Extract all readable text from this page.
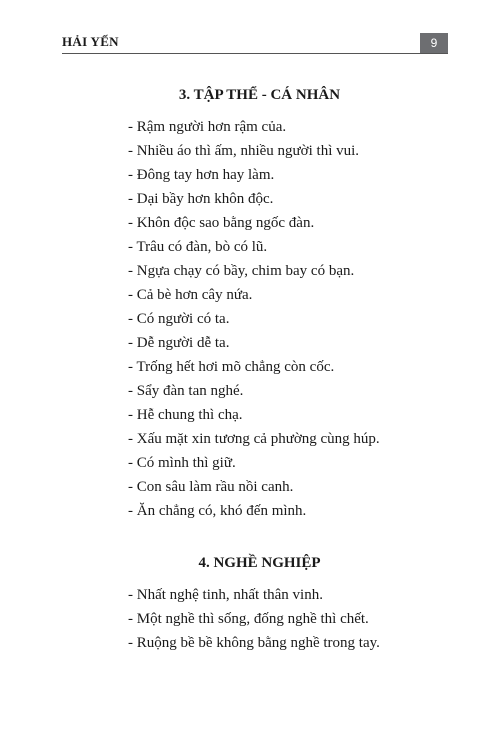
HẢI YẾN	9
3. TẬP THỂ - CÁ NHÂN
- Rậm người hơn rậm của.
- Nhiều áo thì ấm, nhiều người thì vui.
- Đông tay hơn hay làm.
- Dại bầy hơn khôn độc.
- Khôn độc sao bằng ngốc đàn.
- Trâu có đàn, bò có lũ.
- Ngựa chạy có bầy, chim bay có bạn.
- Cả bè hơn cây nứa.
- Có người có ta.
- Dễ người dễ ta.
- Trống hết hơi mõ chẳng còn cốc.
- Sẩy đàn tan nghé.
- Hễ chung thì chạ.
- Xấu mặt xin tương cả phường cùng húp.
- Có mình thì giữ.
- Con sâu làm rầu nồi canh.
- Ăn chẳng có, khó đến mình.
4. NGHỀ NGHIỆP
- Nhất nghệ tinh, nhất thân vinh.
- Một nghề thì sống, đống nghề thì chết.
- Ruộng bề bề không bằng nghề trong tay.
